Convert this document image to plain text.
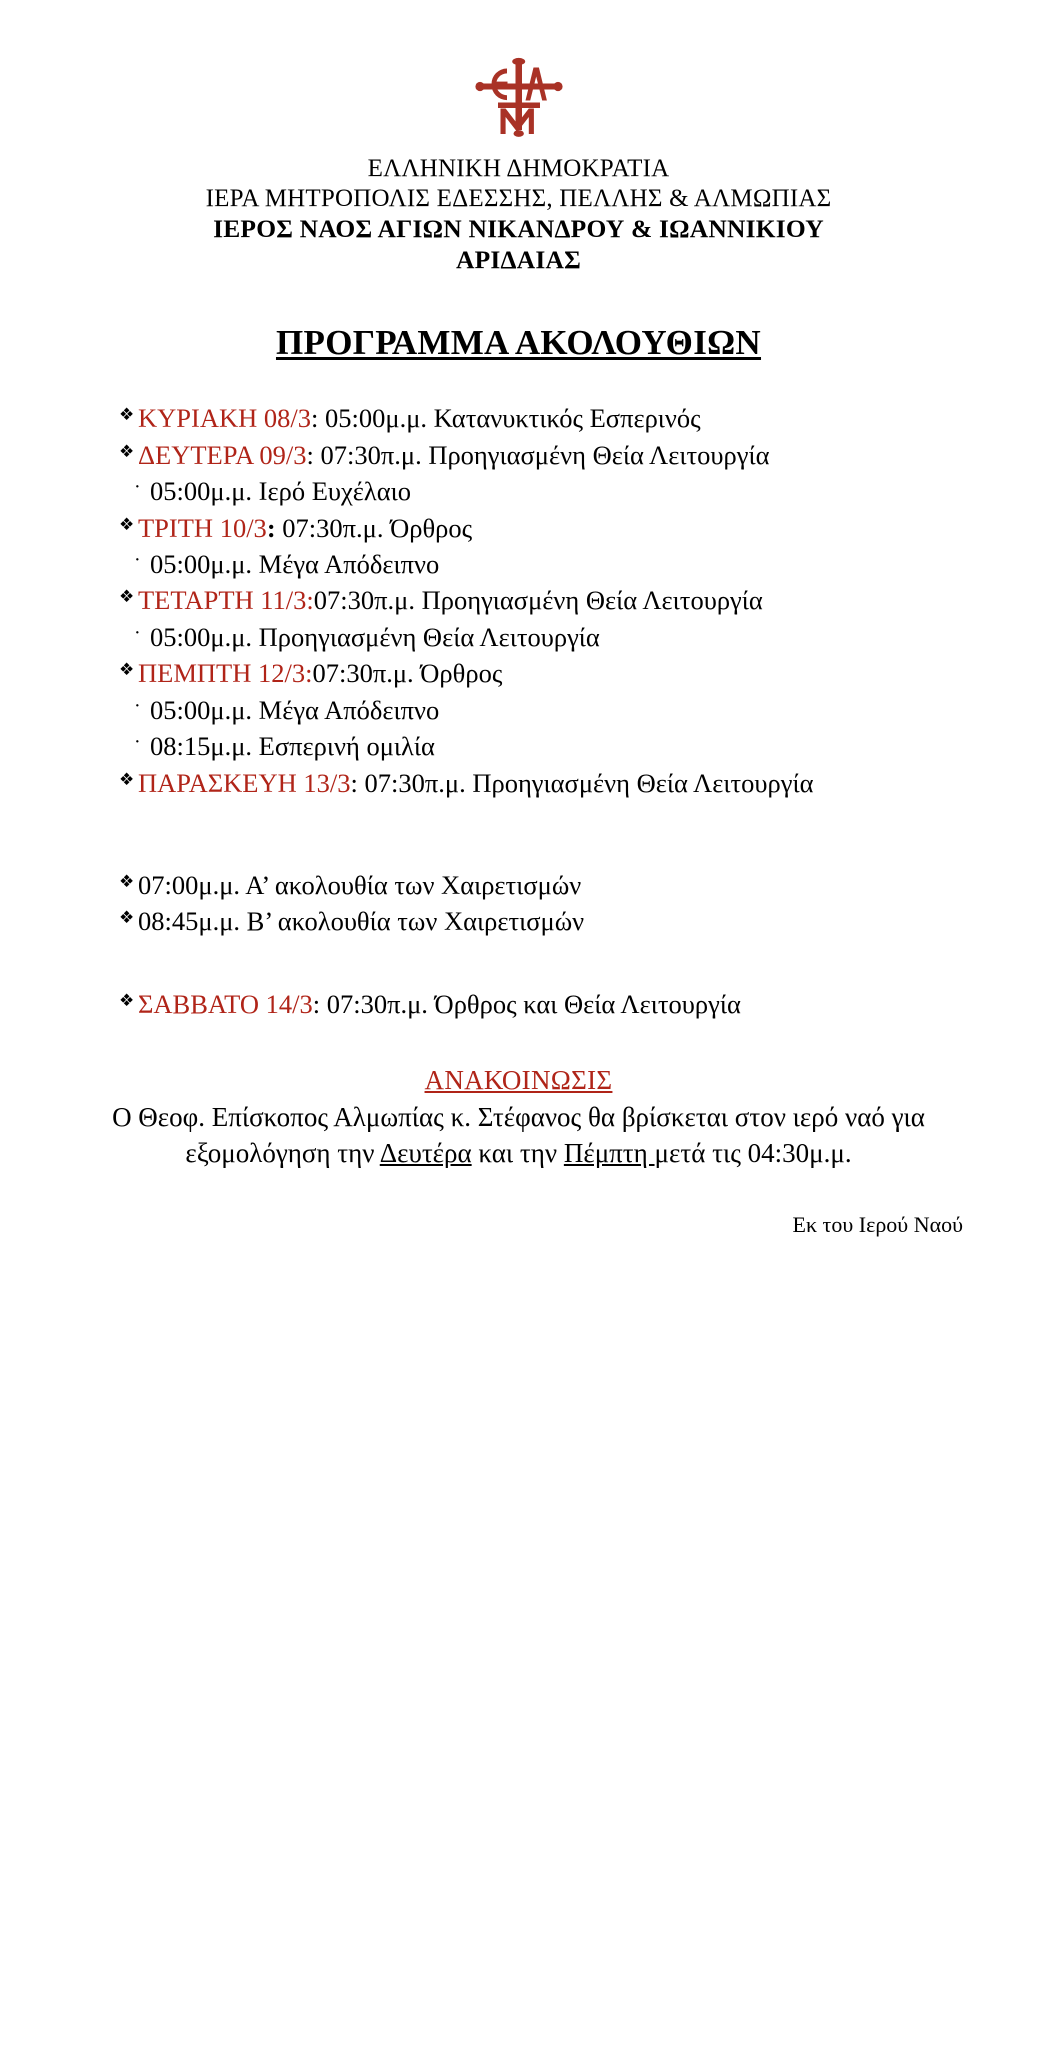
ΕΛΛΗΝΙΚΗ ΔΗΜΟΚΡΑΤΙΑ
ΙΕΡΑ ΜΗΤΡΟΠΟΛΙΣ ΕΔΕΣΣΗΣ, ΠΕΛΛΗΣ & ΑΛΜΩΠΙΑΣ
ΙΕΡΟΣ ΝΑΟΣ ΑΓΙΩΝ ΝΙΚΑΝΔΡΟΥ & ΙΩΑΝΝΙΚΙΟΥ
ΑΡΙΔΑΙΑΣ
ΠΡΟΓΡΑΜΜΑ ΑΚΟΛΟΥΘΙΩΝ
❖ ΚΥΡΙΑΚΗ 08/3: 05:00μ.μ. Κατανυκτικός Εσπερινός
❖ ΔΕΥΤΕΡΑ 09/3: 07:30π.μ. Προηγιασμένη Θεία Λειτουργία
· 05:00μ.μ. Ιερό Ευχέλαιο
❖ ΤΡΙΤΗ 10/3: 07:30π.μ. Όρθρος
· 05:00μ.μ. Μέγα Απόδειπνο
❖ ΤΕΤΑΡΤΗ 11/3:07:30π.μ. Προηγιασμένη Θεία Λειτουργία
· 05:00μ.μ. Προηγιασμένη Θεία Λειτουργία
❖ ΠΕΜΠΤΗ 12/3:07:30π.μ. Όρθρος
· 05:00μ.μ. Μέγα Απόδειπνο
· 08:15μ.μ. Εσπερινή ομιλία
❖ ΠΑΡΑΣΚΕΥΗ 13/3: 07:30π.μ. Προηγιασμένη Θεία Λειτουργία
❖ 07:00μ.μ. Α’ ακολουθία των Χαιρετισμών
❖ 08:45μ.μ. Β’ ακολουθία των Χαιρετισμών
❖ ΣΑΒΒΑΤΟ 14/3: 07:30π.μ. Όρθρος και Θεία Λειτουργία
ΑΝΑΚΟΙΝΩΣΙΣ
Ο Θεοφ. Επίσκοπος Αλμωπίας κ. Στέφανος θα βρίσκεται στον ιερό ναό για εξομολόγηση την Δευτέρα και την Πέμπτη μετά τις 04:30μ.μ.
Εκ του Ιερού Ναού
